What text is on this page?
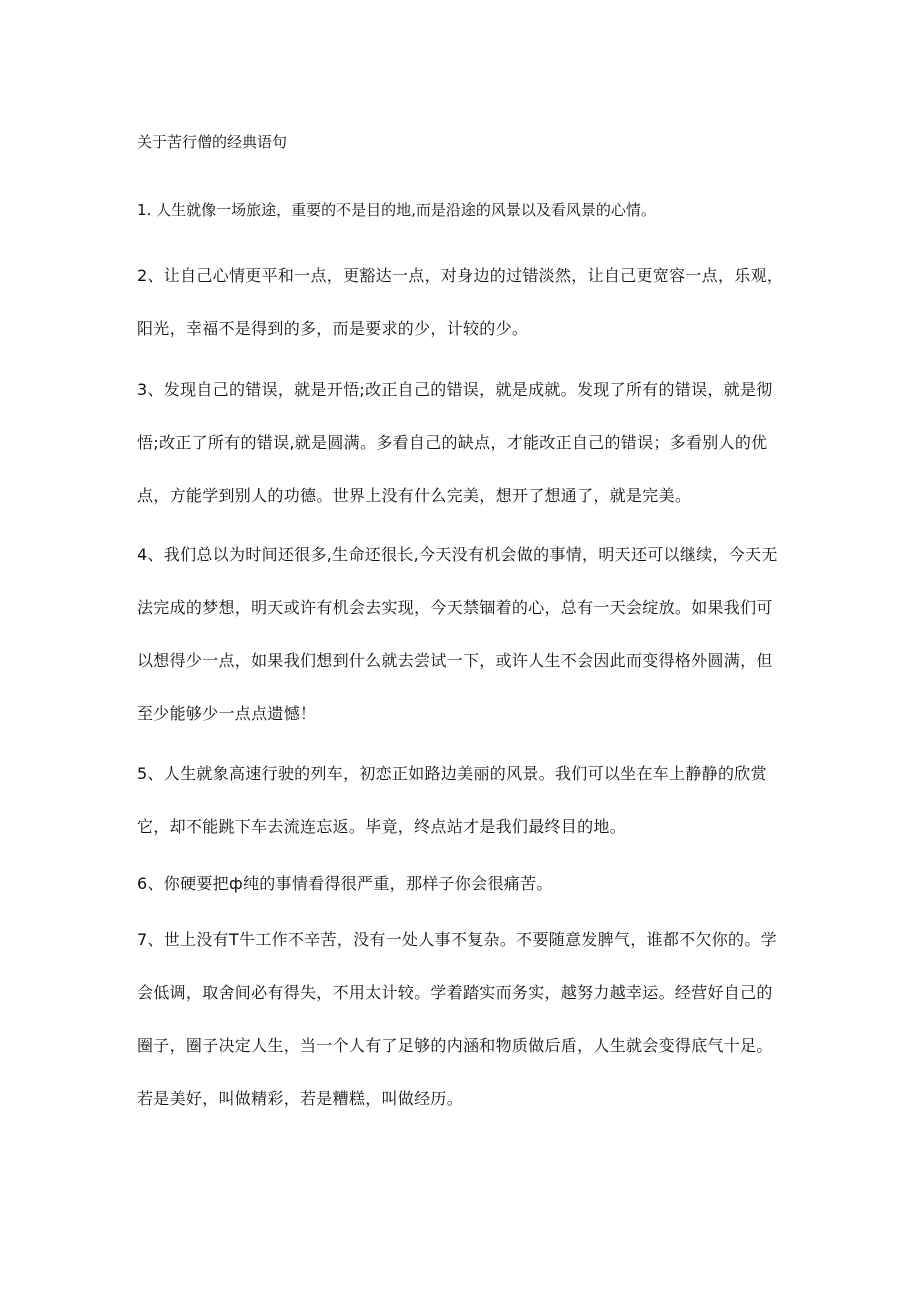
关于苦行僧的经典语句

1. 人生就像一场旅途，重要的不是目的地,而是沿途的风景以及看风景的心情。

2、让自己心情更平和一点，更豁达一点，对身边的过错淡然，让自己更宽容一点，乐观，阳光，幸福不是得到的多，而是要求的少，计较的少。

3、发现自己的错误，就是开悟;改正自己的错误，就是成就。发现了所有的错误，就是彻悟;改正了所有的错误,就是圆满。多看自己的缺点，才能改正自己的错误；多看别人的优点，方能学到别人的功德。世界上没有什么完美，想开了想通了，就是完美。

4、我们总以为时间还很多,生命还很长,今天没有机会做的事情，明天还可以继续，今天无法完成的梦想，明天或许有机会去实现，今天禁锢着的心，总有一天会绽放。如果我们可以想得少一点，如果我们想到什么就去尝试一下，或许人生不会因此而变得格外圆满，但至少能够少一点点遗憾！

5、人生就象高速行驶的列车，初恋正如路边美丽的风景。我们可以坐在车上静静的欣赏它，却不能跳下车去流连忘返。毕竟，终点站才是我们最终目的地。

6、你硬要把ф纯的事情看得很严重，那样子你会很痛苦。

7、世上没有Τ牛工作不辛苦，没有一处人事不复杂。不要随意发脾气，谁都不欠你的。学会低调，取舍间必有得失，不用太计较。学着踏实而务实，越努力越幸运。经营好自己的圈子，圈子决定人生，当一个人有了足够的内涵和物质做后盾，人生就会变得底气十足。若是美好，叫做精彩，若是糟糕，叫做经历。
